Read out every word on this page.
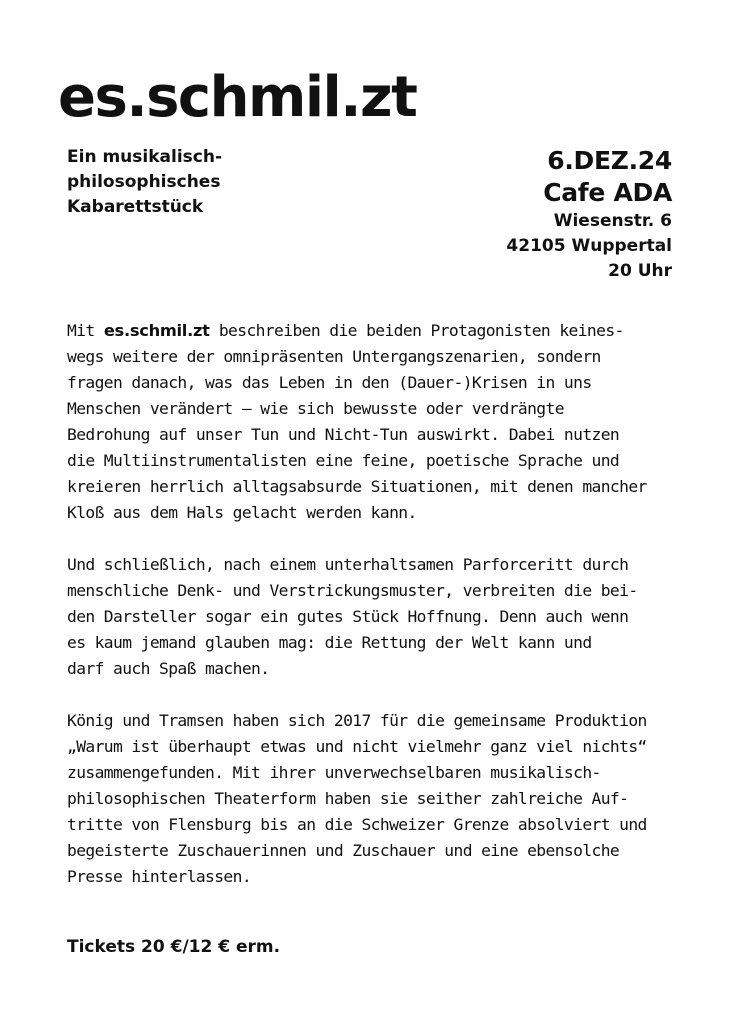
es.schmil.zt
Ein musikalisch-
philosophisches
Kabarettstück
6.DEZ.24
Cafe ADA
Wiesenstr. 6
42105 Wuppertal
20 Uhr

Mit es.schmil.zt beschreiben die beiden Protagonisten keines-
wegs weitere der omnipräsenten Untergangszenarien, sondern
fragen danach, was das Leben in den (Dauer-)Krisen in uns
Menschen verändert – wie sich bewusste oder verdrängte
Bedrohung auf unser Tun und Nicht-Tun auswirkt. Dabei nutzen
die Multiinstrumentalisten eine feine, poetische Sprache und
kreieren herrlich alltagsabsurde Situationen, mit denen mancher
Kloß aus dem Hals gelacht werden kann.

Und schließlich, nach einem unterhaltsamen Parforceritt durch
menschliche Denk- und Verstrickungsmuster, verbreiten die bei-
den Darsteller sogar ein gutes Stück Hoffnung. Denn auch wenn
es kaum jemand glauben mag: die Rettung der Welt kann und
darf auch Spaß machen.

König und Tramsen haben sich 2017 für die gemeinsame Produktion
„Warum ist überhaupt etwas und nicht vielmehr ganz viel nichts“
zusammengefunden. Mit ihrer unverwechselbaren musikalisch-
philosophischen Theaterform haben sie seither zahlreiche Auf-
tritte von Flensburg bis an die Schweizer Grenze absolviert und
begeisterte Zuschauerinnen und Zuschauer und eine ebensolche
Presse hinterlassen.

Tickets 20 €/12 € erm.
